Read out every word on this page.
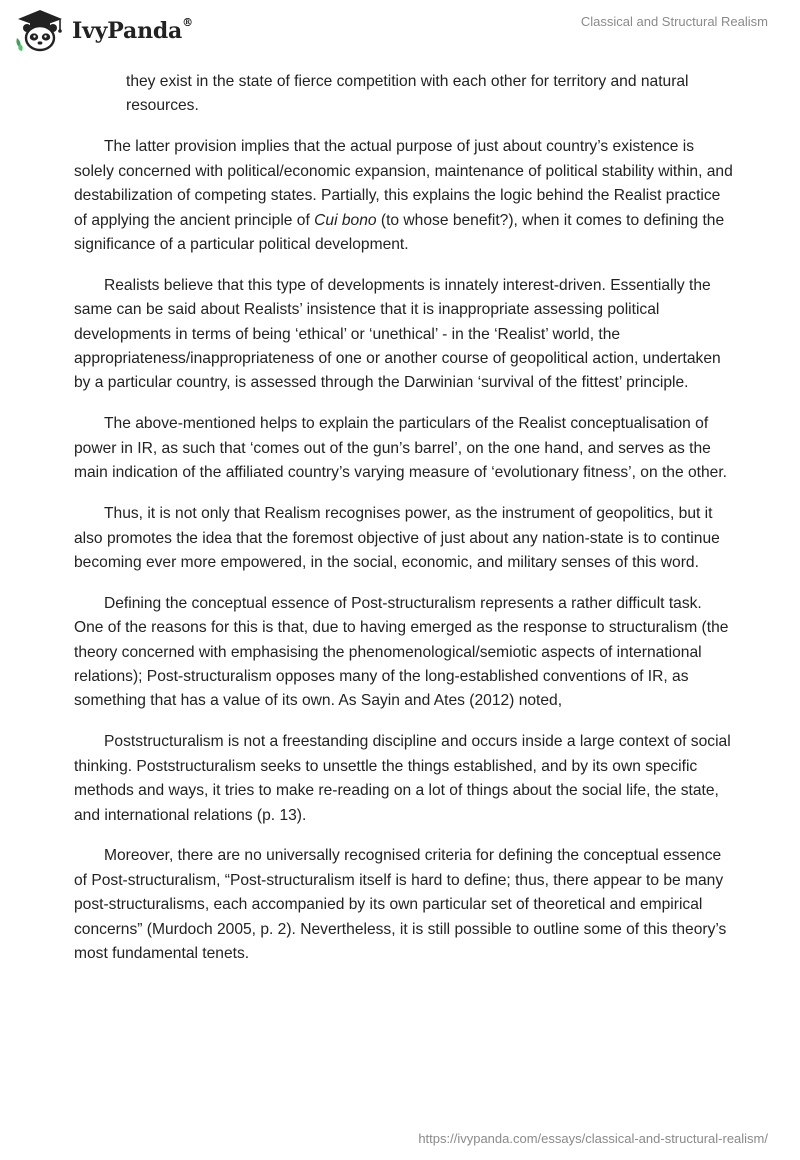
IvyPanda®	Classical and Structural Realism

they exist in the state of fierce competition with each other for territory and natural resources.

The latter provision implies that the actual purpose of just about country’s existence is solely concerned with political/economic expansion, maintenance of political stability within, and destabilization of competing states. Partially, this explains the logic behind the Realist practice of applying the ancient principle of Cui bono (to whose benefit?), when it comes to defining the significance of a particular political development.

Realists believe that this type of developments is innately interest-driven. Essentially the same can be said about Realists’ insistence that it is inappropriate assessing political developments in terms of being ‘ethical’ or ‘unethical’ - in the ‘Realist’ world, the appropriateness/inappropriateness of one or another course of geopolitical action, undertaken by a particular country, is assessed through the Darwinian ‘survival of the fittest’ principle.

The above-mentioned helps to explain the particulars of the Realist conceptualisation of power in IR, as such that ‘comes out of the gun’s barrel’, on the one hand, and serves as the main indication of the affiliated country’s varying measure of ‘evolutionary fitness’, on the other.

Thus, it is not only that Realism recognises power, as the instrument of geopolitics, but it also promotes the idea that the foremost objective of just about any nation-state is to continue becoming ever more empowered, in the social, economic, and military senses of this word.

Defining the conceptual essence of Post-structuralism represents a rather difficult task. One of the reasons for this is that, due to having emerged as the response to structuralism (the theory concerned with emphasising the phenomenological/semiotic aspects of international relations); Post-structuralism opposes many of the long-established conventions of IR, as something that has a value of its own. As Sayin and Ates (2012) noted,

Poststructuralism is not a freestanding discipline and occurs inside a large context of social thinking. Poststructuralism seeks to unsettle the things established, and by its own specific methods and ways, it tries to make re-reading on a lot of things about the social life, the state, and international relations (p. 13).

Moreover, there are no universally recognised criteria for defining the conceptual essence of Post-structuralism, “Post-structuralism itself is hard to define; thus, there appear to be many post-structuralisms, each accompanied by its own particular set of theoretical and empirical concerns” (Murdoch 2005, p. 2). Nevertheless, it is still possible to outline some of this theory’s most fundamental tenets.

https://ivypanda.com/essays/classical-and-structural-realism/
